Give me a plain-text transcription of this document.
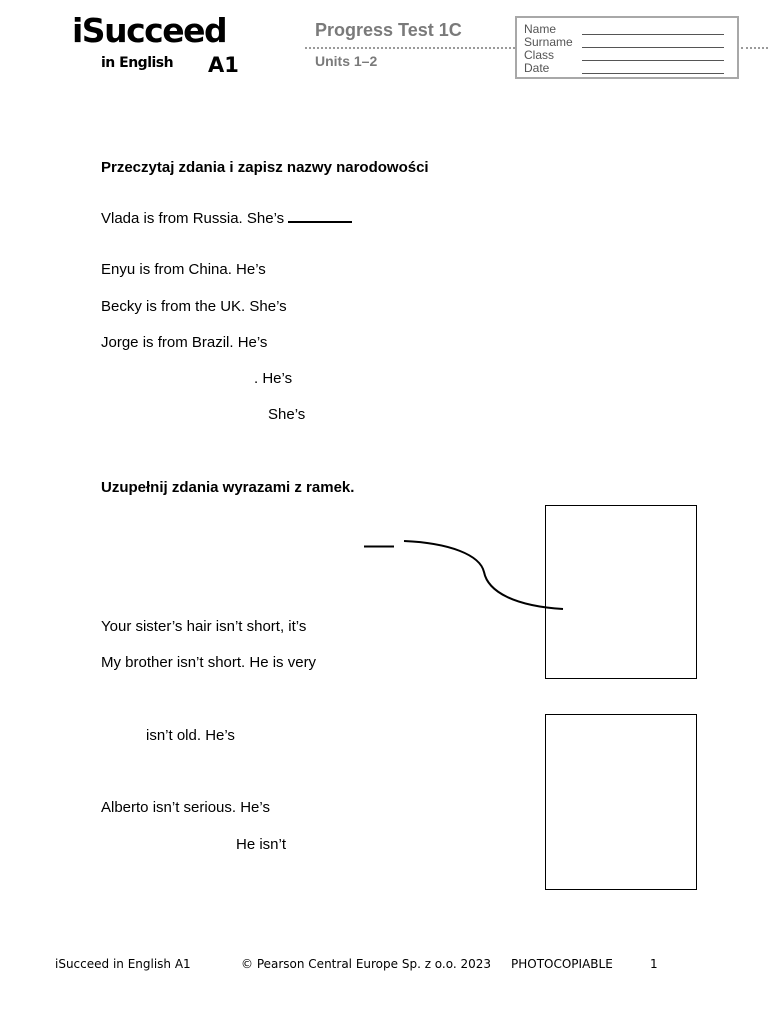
iSucceed
in English A1
Progress Test 1C
Units 1–2
Name
Surname
Class
Date
Przeczytaj zdania i zapisz nazwy narodowości
Vlada is from Russia. She’s
Enyu is from China. He’s
Becky is from the UK. She’s
Jorge is from Brazil. He’s
. He’s
She’s
Uzupełnij zdania wyrazami z ramek.
Your sister’s hair isn’t short, it’s
My brother isn’t short. He is very
isn’t old. He’s
Alberto isn’t serious. He’s
He isn’t
iSucceed in English A1	© Pearson Central Europe Sp. z o.o. 2023 PHOTOCOPIABLE	1
